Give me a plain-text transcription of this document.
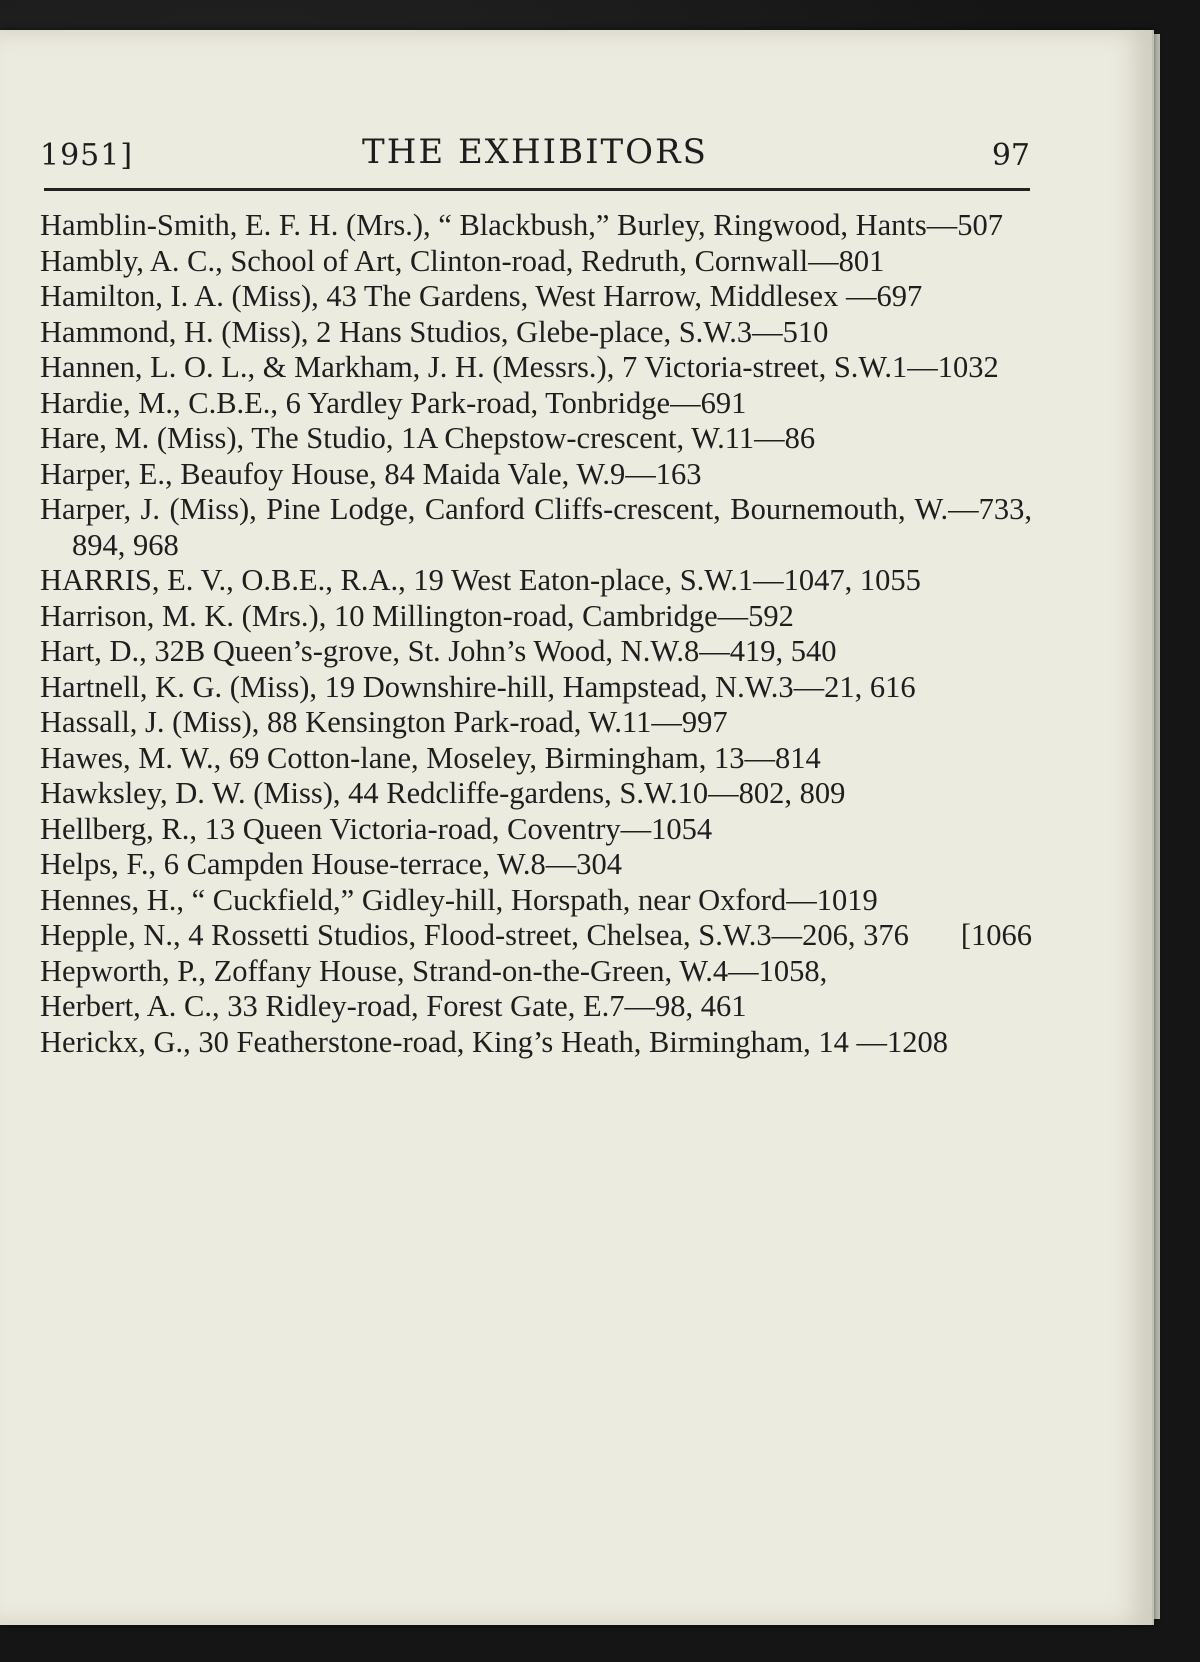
1951]	THE EXHIBITORS	97

Hamblin-Smith, E. F. H. (Mrs.), “ Blackbush,” Burley, Ringwood, Hants—507

Hambly, A. C., School of Art, Clinton-road, Redruth, Cornwall—801

Hamilton, I. A. (Miss), 43 The Gardens, West Harrow, Middlesex —697

Hammond, H. (Miss), 2 Hans Studios, Glebe-place, S.W.3—510

Hannen, L. O. L., & Markham, J. H. (Messrs.), 7 Victoria-street, S.W.1—1032

Hardie, M., C.B.E., 6 Yardley Park-road, Tonbridge—691

Hare, M. (Miss), The Studio, 1A Chepstow-crescent, W.11—86

Harper, E., Beaufoy House, 84 Maida Vale, W.9—163

Harper, J. (Miss), Pine Lodge, Canford Cliffs-crescent, Bournemouth, W.—733, 894, 968

HARRIS, E. V., O.B.E., R.A., 19 West Eaton-place, S.W.1—1047, 1055

Harrison, M. K. (Mrs.), 10 Millington-road, Cambridge—592

Hart, D., 32B Queen’s-grove, St. John’s Wood, N.W.8—419, 540

Hartnell, K. G. (Miss), 19 Downshire-hill, Hampstead, N.W.3—21, 616

Hassall, J. (Miss), 88 Kensington Park-road, W.11—997

Hawes, M. W., 69 Cotton-lane, Moseley, Birmingham, 13—814

Hawksley, D. W. (Miss), 44 Redcliffe-gardens, S.W.10—802, 809

Hellberg, R., 13 Queen Victoria-road, Coventry—1054

Helps, F., 6 Campden House-terrace, W.8—304

Hennes, H., “ Cuckfield,” Gidley-hill, Horspath, near Oxford—1019

Hepple, N., 4 Rossetti Studios, Flood-street, Chelsea, S.W.3—206, 376 [1066

Hepworth, P., Zoffany House, Strand-on-the-Green, W.4—1058,

Herbert, A. C., 33 Ridley-road, Forest Gate, E.7—98, 461

Herickx, G., 30 Featherstone-road, King’s Heath, Birmingham, 14 —1208
